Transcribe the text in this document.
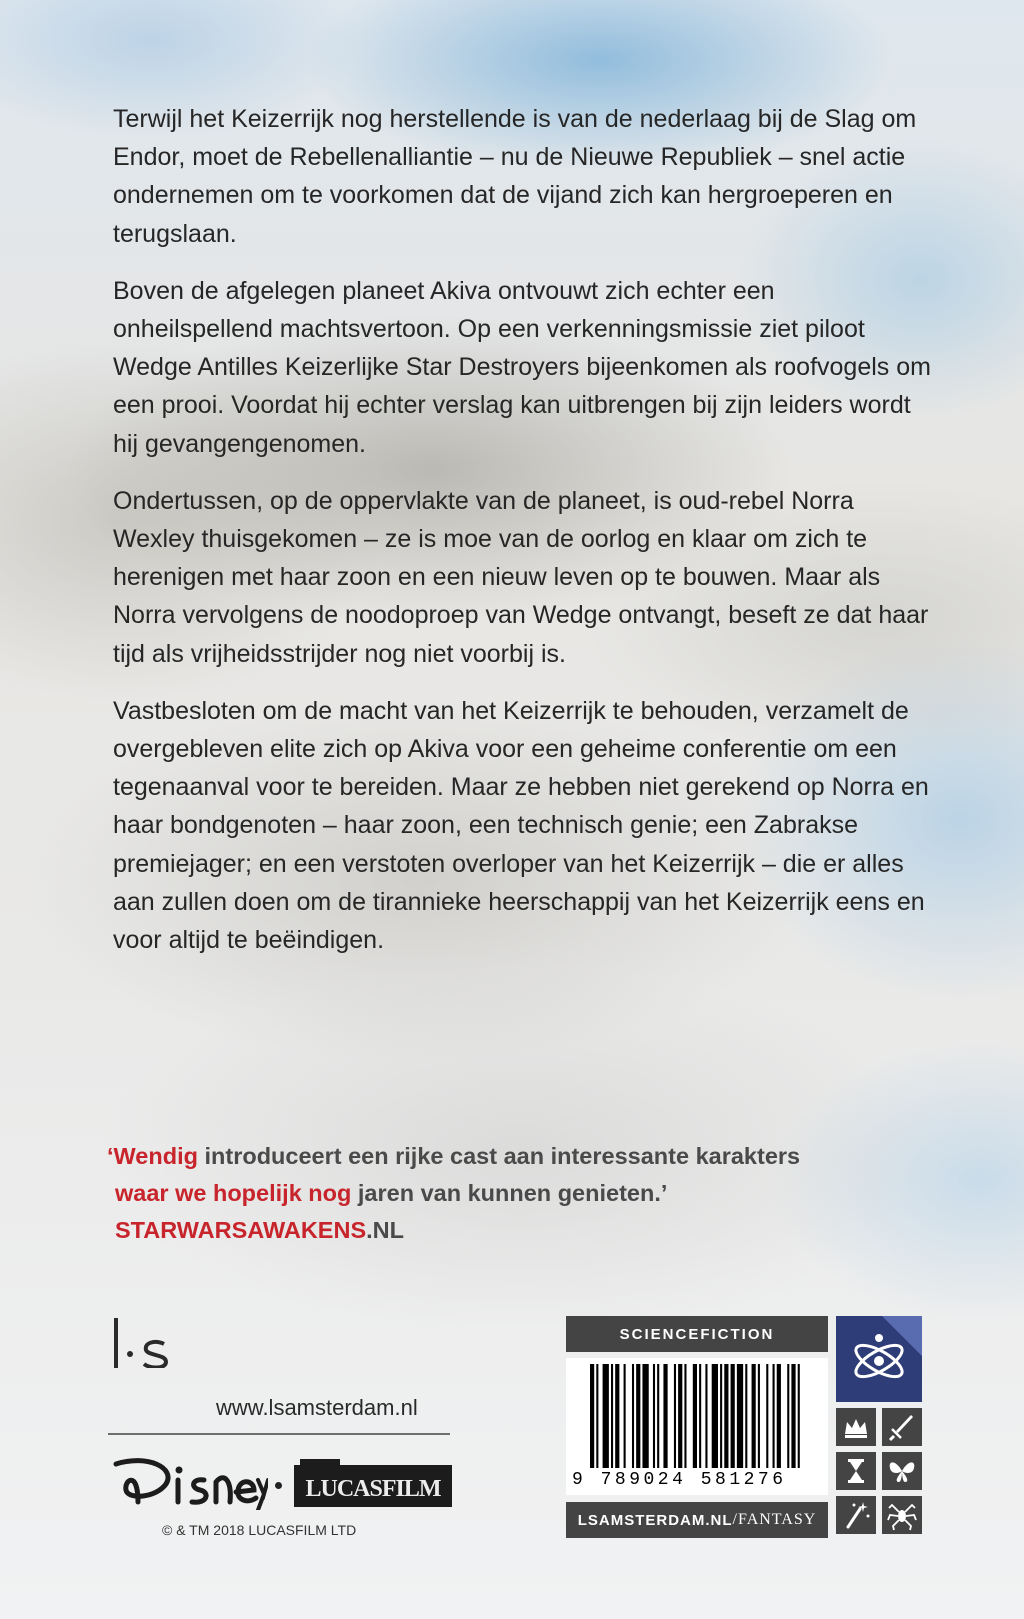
Terwijl het Keizerrijk nog herstellende is van de nederlaag bij de Slag om Endor, moet de Rebellenalliantie – nu de Nieuwe Republiek – snel actie ondernemen om te voorkomen dat de vijand zich kan hergroeperen en terugslaan.

Boven de afgelegen planeet Akiva ontvouwt zich echter een onheilspellend machtsvertoon. Op een verkenningsmissie ziet piloot Wedge Antilles Keizerlijke Star Destroyers bijeenkomen als roofvogels om een prooi. Voordat hij echter verslag kan uitbrengen bij zijn leiders wordt hij gevangengenomen.

Ondertussen, op de oppervlakte van de planeet, is oud-rebel Norra Wexley thuisgekomen – ze is moe van de oorlog en klaar om zich te herenigen met haar zoon en een nieuw leven op te bouwen. Maar als Norra vervolgens de noodoproep van Wedge ontvangt, beseft ze dat haar tijd als vrijheidsstrijder nog niet voorbij is.

Vastbesloten om de macht van het Keizerrijk te behouden, verzamelt de overgebleven elite zich op Akiva voor een geheime conferentie om een tegenaanval voor te bereiden. Maar ze hebben niet gerekend op Norra en haar bondgenoten – haar zoon, een technisch genie; een Zabrakse premiejager; en een verstoten overloper van het Keizerrijk – die er alles aan zullen doen om de tirannieke heerschappij van het Keizerrijk eens en voor altijd te beëindigen.

‘Wendig introduceert een rijke cast aan interessante karakters
waar we hopelijk nog jaren van kunnen genieten.’
STARWARSAWAKENS.NL
www.lsamsterdam.nl
LUCASFILM
© & TM 2018 LUCASFILM LTD
SCIENCEFICTION
9 789024 581276
LSAMSTERDAM.NL /FANTASY
